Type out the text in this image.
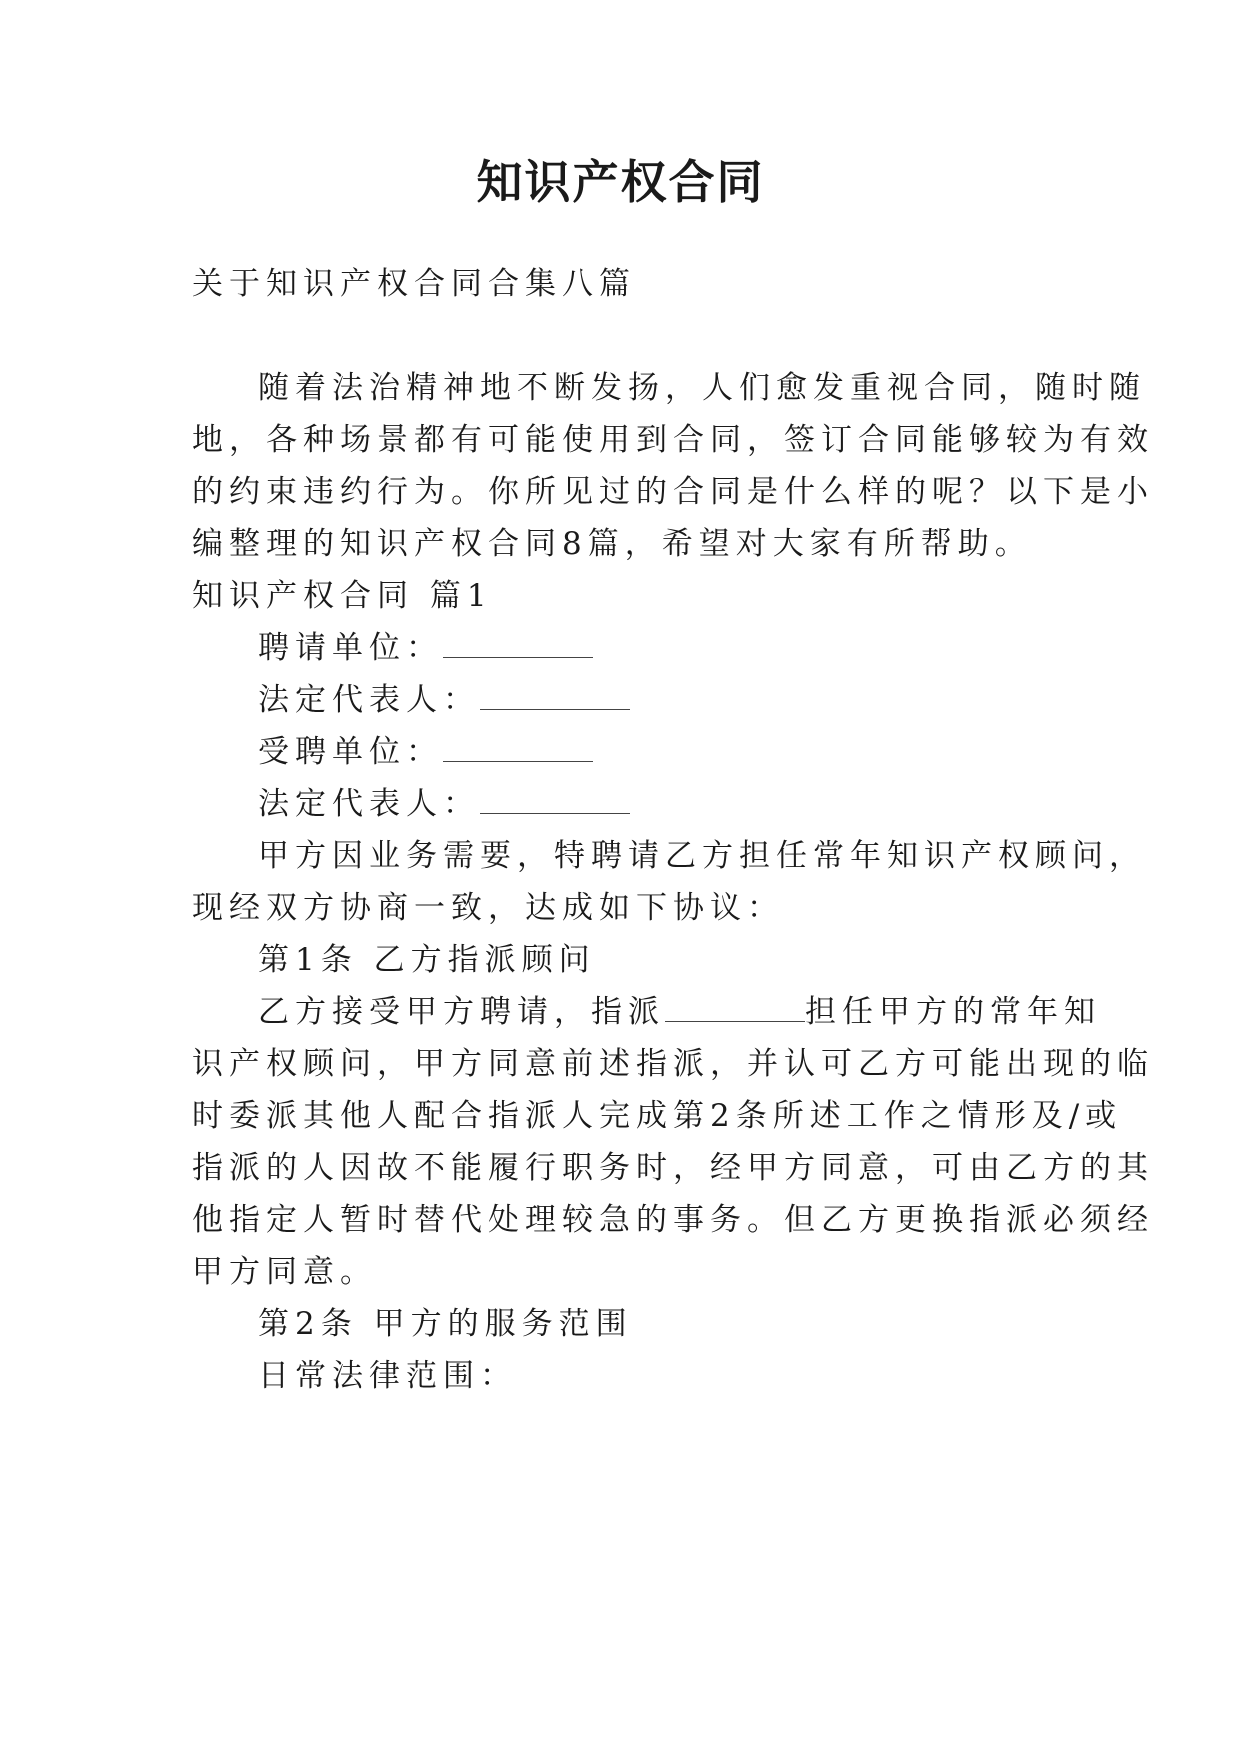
知识产权合同
关于知识产权合同合集八篇
随着法治精神地不断发扬，人们愈发重视合同，随时随
地，各种场景都有可能使用到合同，签订合同能够较为有效
的约束违约行为。你所见过的合同是什么样的呢？以下是小
编整理的知识产权合同8篇，希望对大家有所帮助。
知识产权合同 篇1
聘请单位：
法定代表人：
受聘单位：
法定代表人：
甲方因业务需要，特聘请乙方担任常年知识产权顾问，
现经双方协商一致，达成如下协议：
第1条 乙方指派顾问
乙方接受甲方聘请，指派	担任甲方的常年知
识产权顾问，甲方同意前述指派，并认可乙方可能出现的临
时委派其他人配合指派人完成第2条所述工作之情形及/或
指派的人因故不能履行职务时，经甲方同意，可由乙方的其
他指定人暂时替代处理较急的事务。但乙方更换指派必须经
甲方同意。
第2条 甲方的服务范围
日常法律范围：
